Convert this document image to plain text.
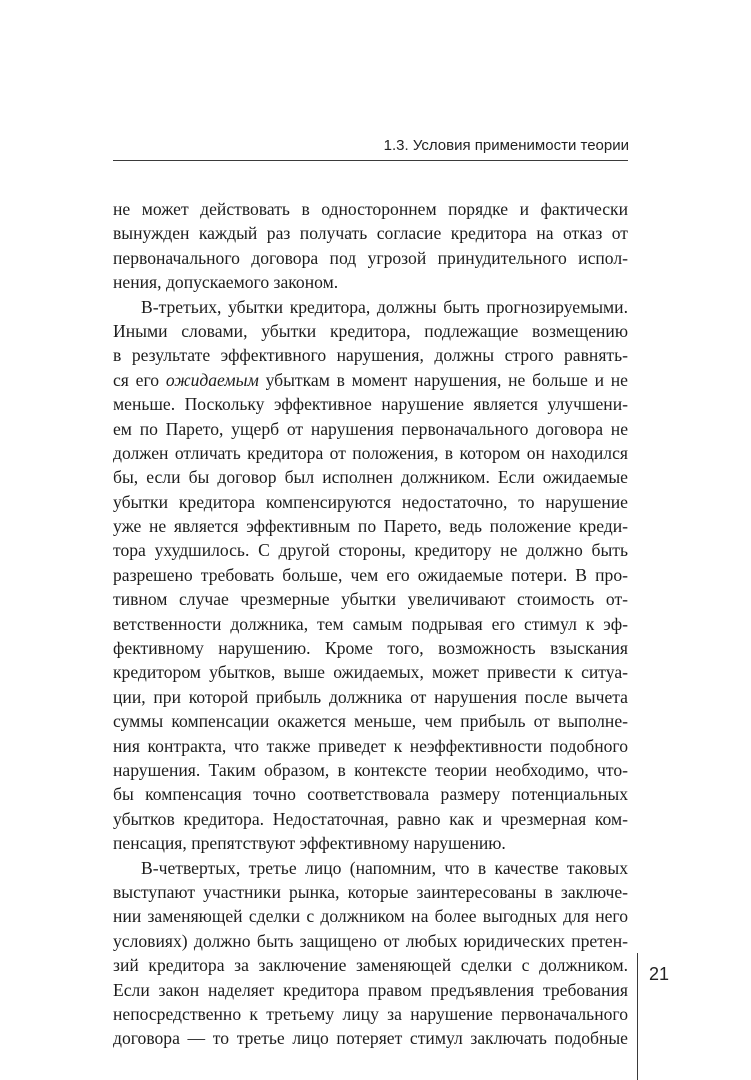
1.3. Условия применимости теории
не может действовать в одностороннем порядке и фактически
вынужден каждый раз получать согласие кредитора на отказ от
первоначального договора под угрозой принудительного испол-
нения, допускаемого законом.
В-третьих, убытки кредитора, должны быть прогнозируемыми.
Иными словами, убытки кредитора, подлежащие возмещению
в результате эффективного нарушения, должны строго равнять-
ся его ожидаемым убыткам в момент нарушения, не больше и не
меньше. Поскольку эффективное нарушение является улучшени-
ем по Парето, ущерб от нарушения первоначального договора не
должен отличать кредитора от положения, в котором он находился
бы, если бы договор был исполнен должником. Если ожидаемые
убытки кредитора компенсируются недостаточно, то нарушение
уже не является эффективным по Парето, ведь положение креди-
тора ухудшилось. С другой стороны, кредитору не должно быть
разрешено требовать больше, чем его ожидаемые потери. В про-
тивном случае чрезмерные убытки увеличивают стоимость от-
ветственности должника, тем самым подрывая его стимул к эф-
фективному нарушению. Кроме того, возможность взыскания
кредитором убытков, выше ожидаемых, может привести к ситуа-
ции, при которой прибыль должника от нарушения после вычета
суммы компенсации окажется меньше, чем прибыль от выполне-
ния контракта, что также приведет к неэффективности подобного
нарушения. Таким образом, в контексте теории необходимо, что-
бы компенсация точно соответствовала размеру потенциальных
убытков кредитора. Недостаточная, равно как и чрезмерная ком-
пенсация, препятствуют эффективному нарушению.
В-четвертых, третье лицо (напомним, что в качестве таковых
выступают участники рынка, которые заинтересованы в заключе-
нии заменяющей сделки с должником на более выгодных для него
условиях) должно быть защищено от любых юридических претен-
зий кредитора за заключение заменяющей сделки с должником.
Если закон наделяет кредитора правом предъявления требования
непосредственно к третьему лицу за нарушение первоначального
договора — то третье лицо потеряет стимул заключать подобные
21
